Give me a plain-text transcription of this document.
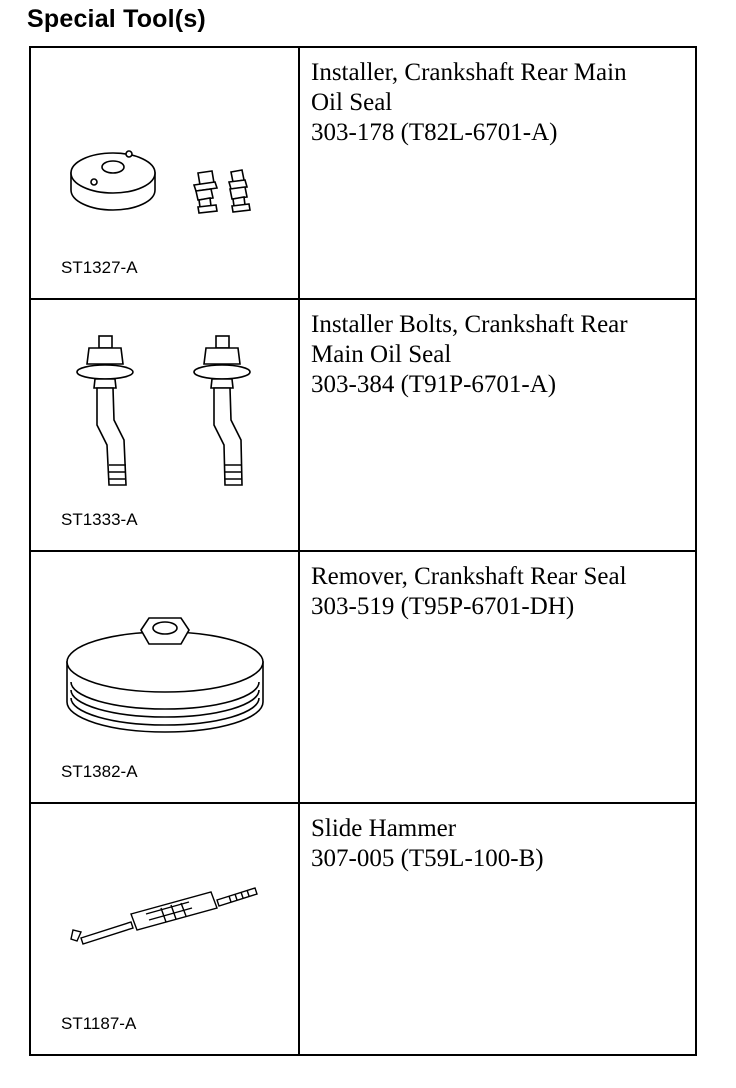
Special Tool(s)
ST1327-A	Installer, Crankshaft Rear Main
Oil Seal
303-178 (T82L-6701-A)

ST1333-A	Installer Bolts, Crankshaft Rear
Main Oil Seal
303-384 (T91P-6701-A)

ST1382-A	Remover, Crankshaft Rear Seal
303-519 (T95P-6701-DH)

ST1187-A	Slide Hammer
307-005 (T59L-100-B)
